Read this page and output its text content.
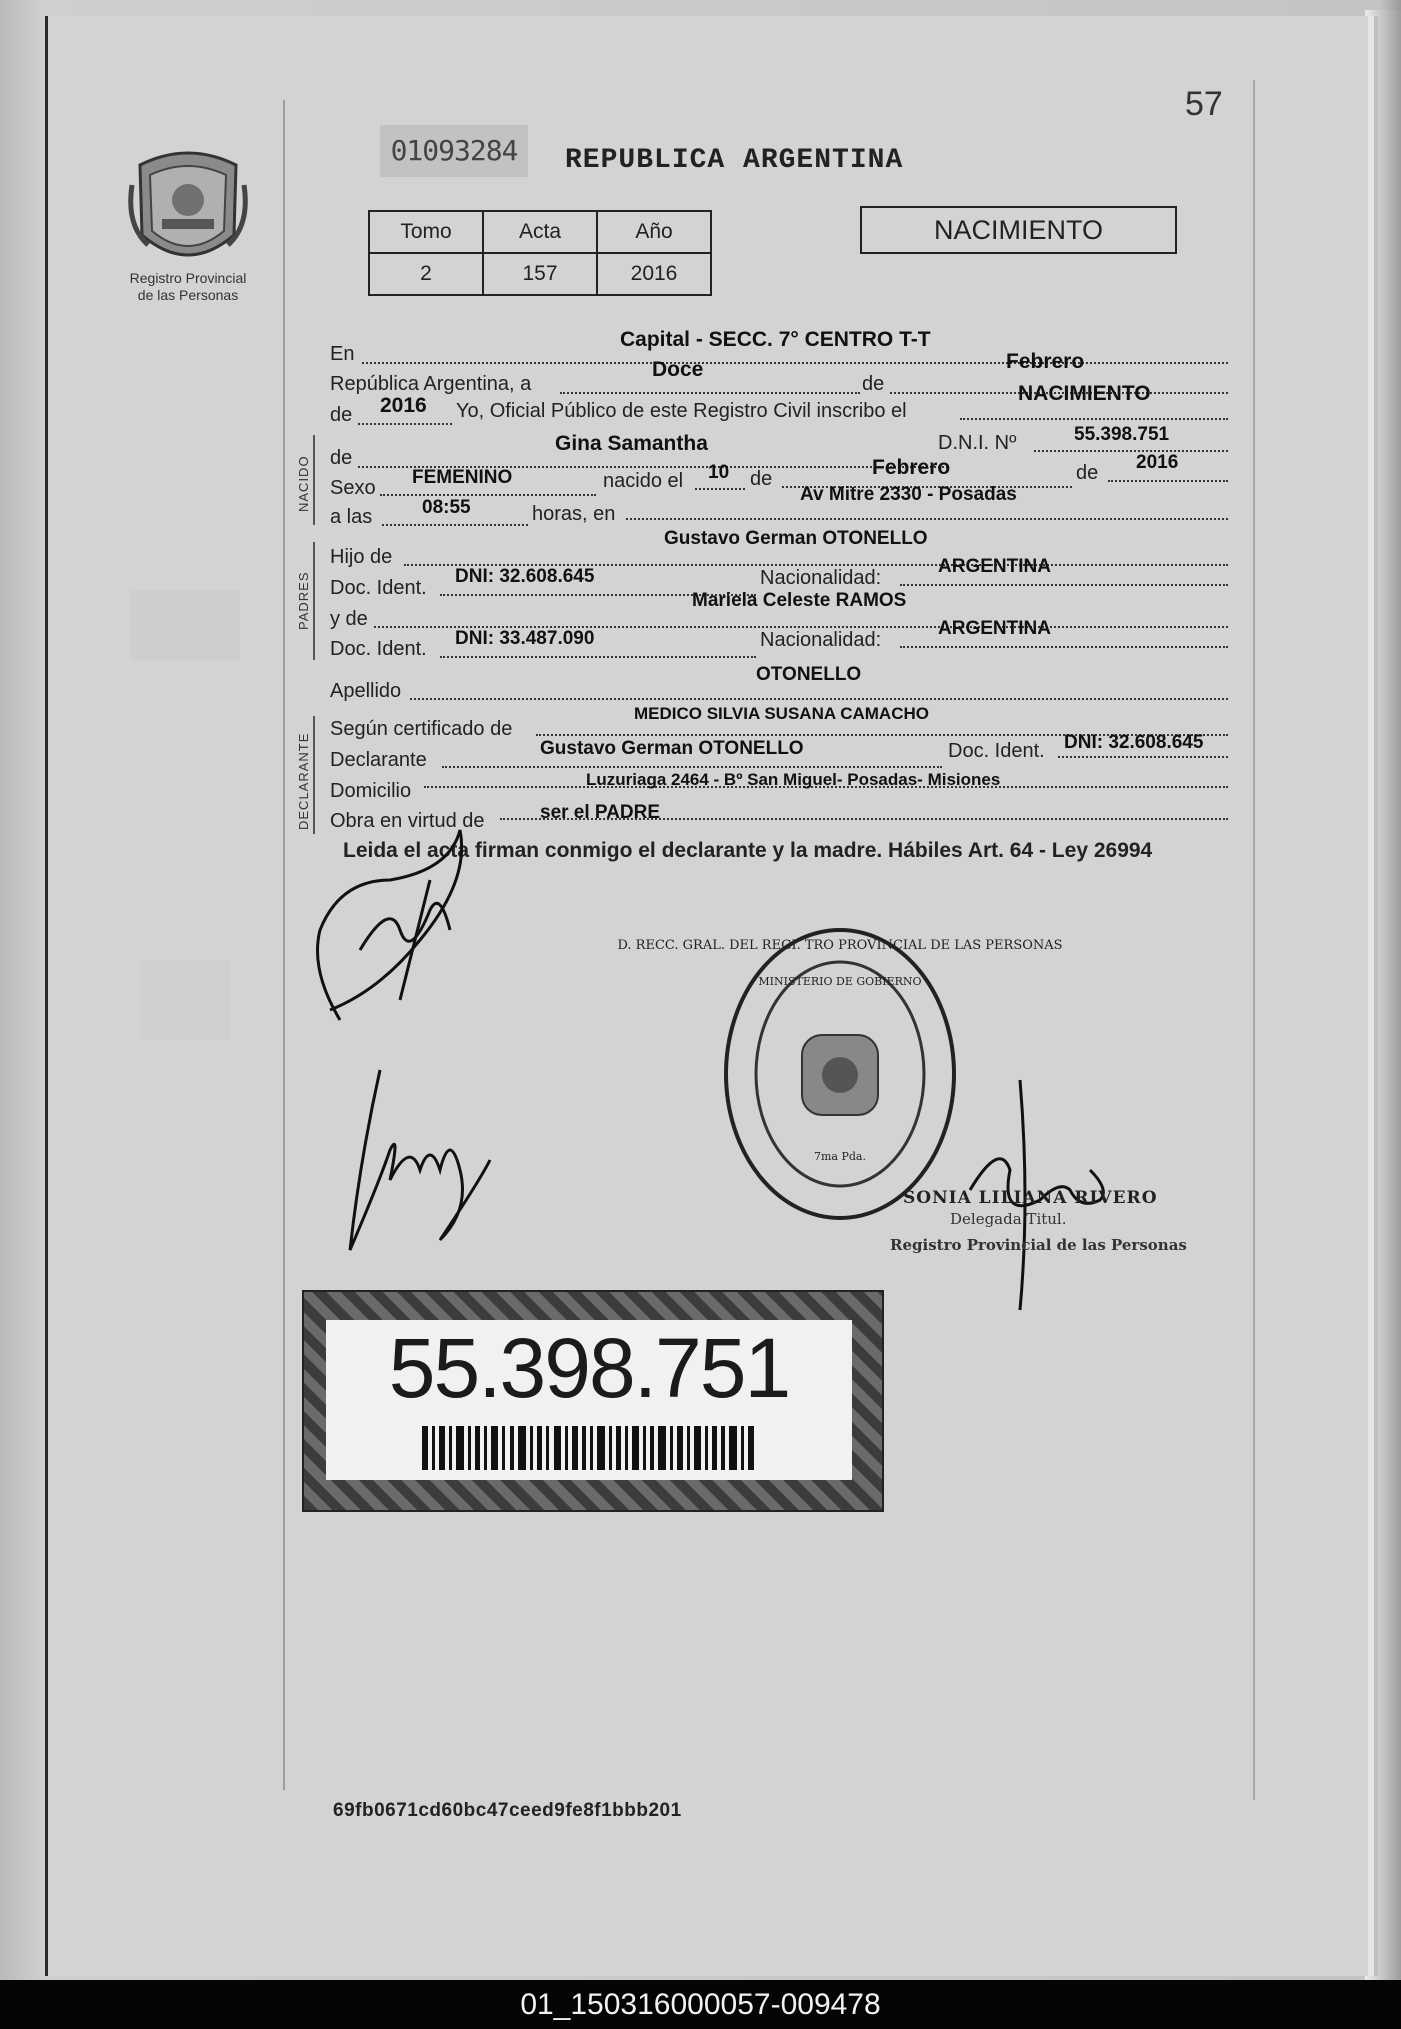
57
01093284	REPUBLICA ARGENTINA
Registro Provincial
de las Personas
Tomo	Acta	Año
2	157	2016
NACIMIENTO
En
Capital - SECC. 7° CENTRO T-T
República Argentina, a
Doce
de
Febrero
de 2016 Yo, Oficial Público de este Registro Civil inscribo el
NACIMIENTO
NACIDO de
Gina Samantha	D.N.I. Nº	55.398.751
Sexo FEMENINO	nacido el 10 de	Febrero	de 2016
a las	08:55	horas, en
Av Mitre 2330 - Posadas
PADRES
Hijo de
Gustavo German OTONELLO
Doc. Ident.
DNI: 32.608.645	Nacionalidad:
ARGENTINA
y de
Mariela Celeste RAMOS
Doc. Ident. DNI: 33.487.090	Nacionalidad:
ARGENTINA
Apellido
OTONELLO
DECLARANTE
Según certificado de
MEDICO SILVIA SUSANA CAMACHO
Declarante
Gustavo German OTONELLO	Doc. Ident. DNI: 32.608.645
Domicilio
Luzuriaga 2464 - Bº San Miguel- Posadas- Misiones
Obra en virtud de	ser el PADRE
Leida el acta firman conmigo el declarante y la madre. Hábiles Art. 64 - Ley 26994
D. RECC. GRAL. DEL REGI. TRO PROVINCIAL DE LAS PERSONAS
MINISTERIO DE GOBIERNO
7ma Pda.
SONIA LILIANA RIVERO
Delegada Titul.
Registro Provincial de las Personas
55.398.751
69fb0671cd60bc47ceed9fe8f1bbb201
01_150316000057-009478
